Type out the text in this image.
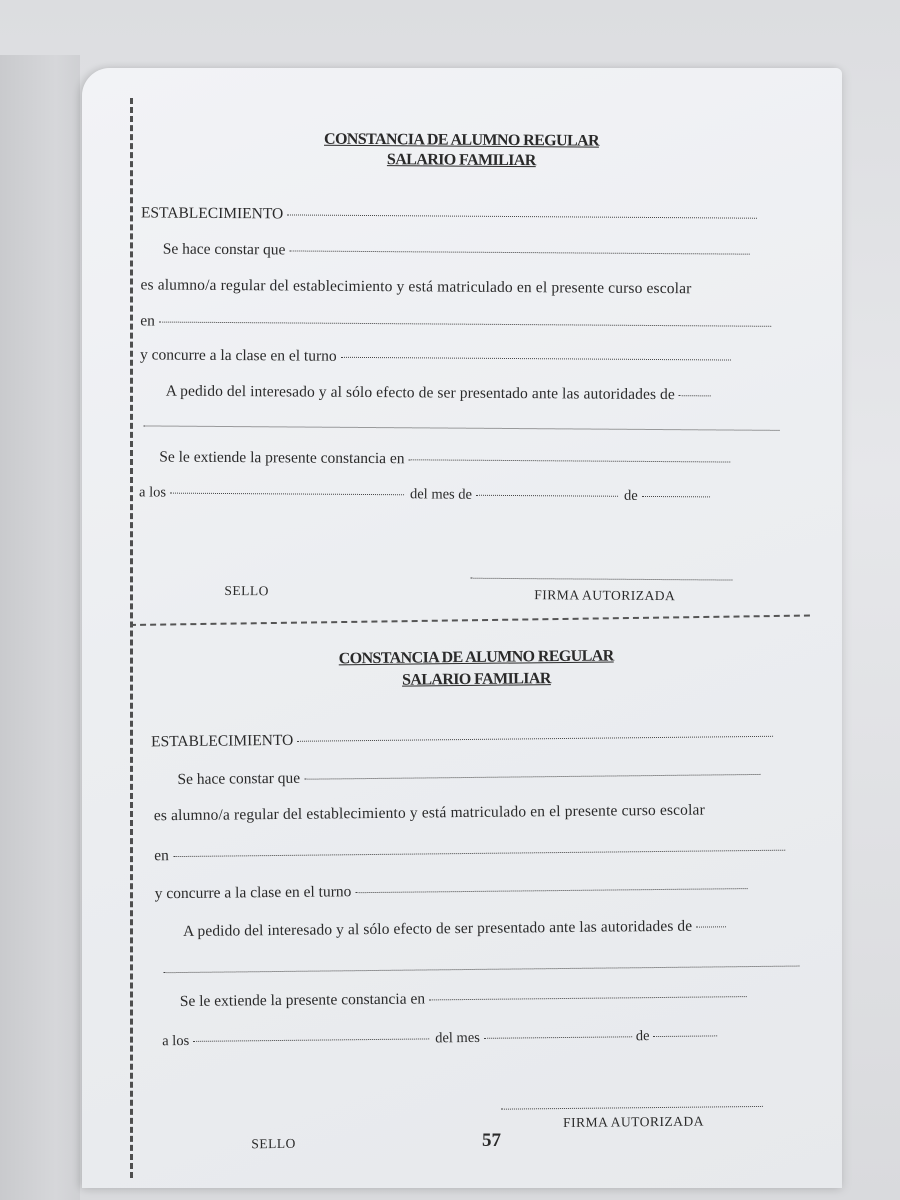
CONSTANCIA DE ALUMNO REGULAR
SALARIO FAMILIAR
ESTABLECIMIENTO
Se hace constar que
es alumno/a regular del establecimiento y está matriculado en el presente curso escolar
en
y concurre a la clase en el turno
A pedido del interesado y al sólo efecto de ser presentado ante las autoridades de
Se le extiende la presente constancia en
a los	del mes de	de
SELLO	FIRMA AUTORIZADA
CONSTANCIA DE ALUMNO REGULAR
SALARIO FAMILIAR
ESTABLECIMIENTO
Se hace constar que
es alumno/a regular del establecimiento y está matriculado en el presente curso escolar
en
y concurre a la clase en el turno
A pedido del interesado y al sólo efecto de ser presentado ante las autoridades de
Se le extiende la presente constancia en
a los	del mes	de
SELLO
FIRMA AUTORIZADA
57
